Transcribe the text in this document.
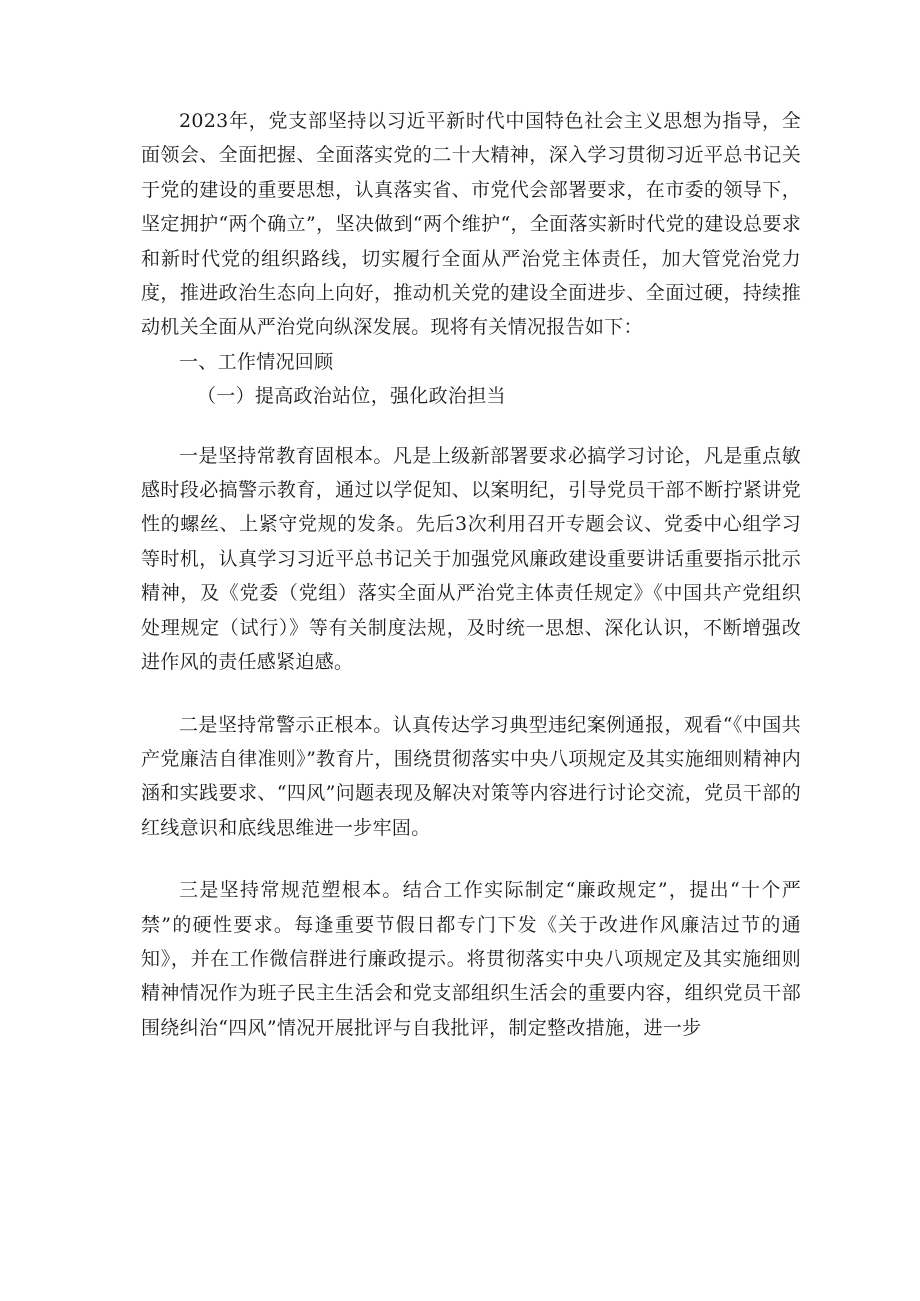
2023年，党支部坚持以习近平新时代中国特色社会主义思想为指导，全面领会、全面把握、全面落实党的二十大精神，深入学习贯彻习近平总书记关于党的建设的重要思想，认真落实省、市党代会部署要求，在市委的领导下，坚定拥护“两个确立”，坚决做到“两个维护“，全面落实新时代党的建设总要求和新时代党的组织路线，切实履行全面从严治党主体责任，加大管党治党力度，推进政治生态向上向好，推动机关党的建设全面进步、全面过硬，持续推动机关全面从严治党向纵深发展。现将有关情况报告如下：

一、工作情况回顾

（一）提高政治站位，强化政治担当

一是坚持常教育固根本。凡是上级新部署要求必搞学习讨论，凡是重点敏感时段必搞警示教育，通过以学促知、以案明纪，引导党员干部不断拧紧讲党性的螺丝、上紧守党规的发条。先后3次利用召开专题会议、党委中心组学习等时机，认真学习习近平总书记关于加强党风廉政建设重要讲话重要指示批示精神，及《党委（党组）落实全面从严治党主体责任规定》《中国共产党组织处理规定（试行）》等有关制度法规，及时统一思想、深化认识，不断增强改进作风的责任感紧迫感。

二是坚持常警示正根本。认真传达学习典型违纪案例通报，观看“《中国共产党廉洁自律准则》”教育片，围绕贯彻落实中央八项规定及其实施细则精神内涵和实践要求、“四风”问题表现及解决对策等内容进行讨论交流，党员干部的红线意识和底线思维进一步牢固。

三是坚持常规范塑根本。结合工作实际制定“廉政规定”，提出“十个严禁”的硬性要求。每逢重要节假日都专门下发《关于改进作风廉洁过节的通知》，并在工作微信群进行廉政提示。将贯彻落实中央八项规定及其实施细则精神情况作为班子民主生活会和党支部组织生活会的重要内容，组织党员干部围绕纠治“四风”情况开展批评与自我批评，制定整改措施，进一步
